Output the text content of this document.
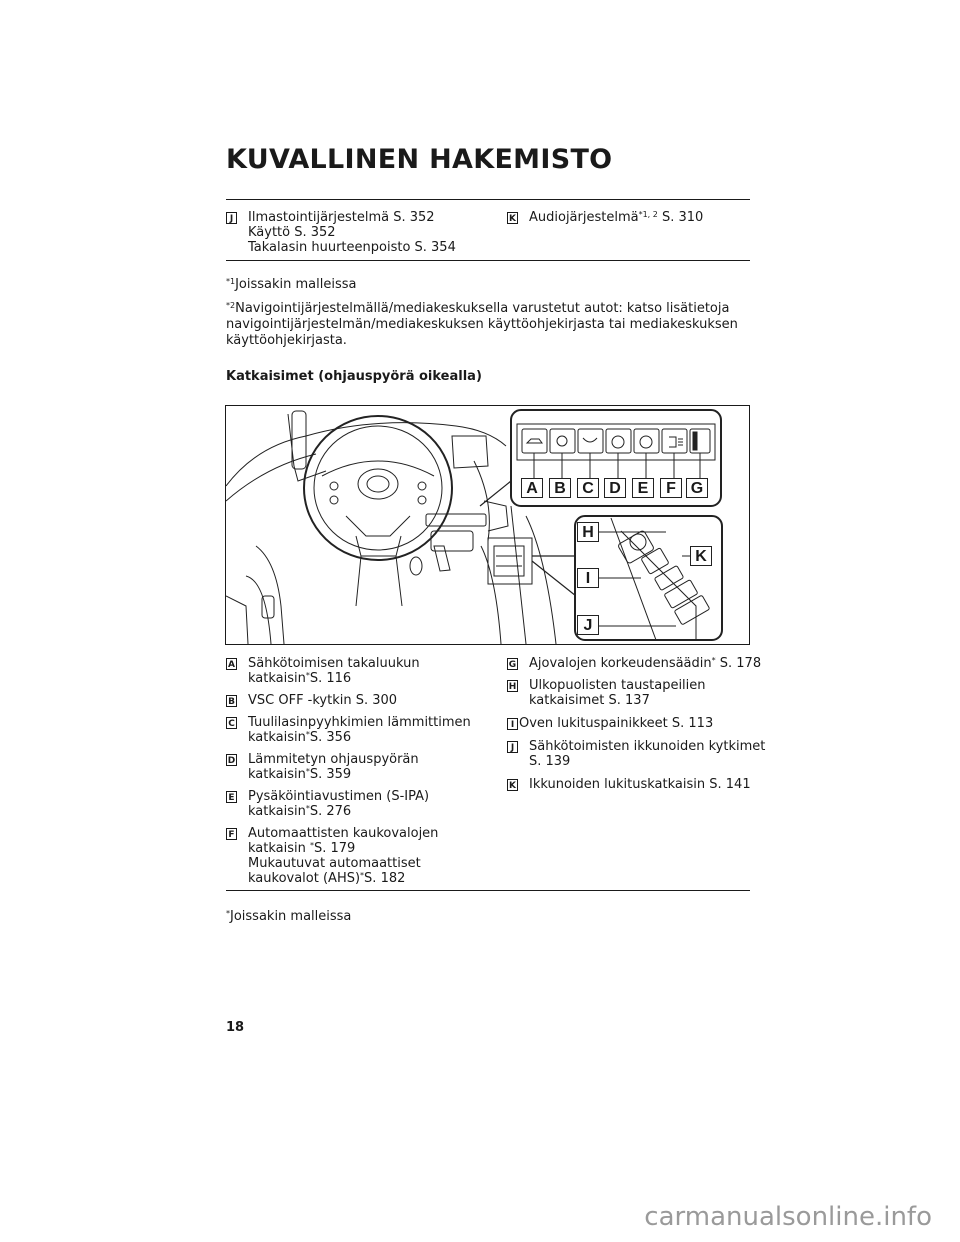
KUVALLINEN HAKEMISTO
J Ilmastointijärjestelmä S. 352
Käyttö S. 352
Takalasin huurteenpoisto S. 354
K Audiojärjestelmä$^{*1, 2}$ S. 310
$^{*1}$Joissakin malleissa
$^{*2}$Navigointijärjestelmällä/mediakeskuksella varustetut autot: katso lisätietoja
navigointijärjestelmän/mediakeskuksen käyttöohjekirjasta tai mediakeskuksen
käyttöohjekirjasta.
Katkaisimet (ohjauspyörä oikealla)
A	B	C D	E	F G
H
I
J
K
A Sähkötoimisen takaluukun
katkaisin*S. 116
B VSC OFF -kytkin S. 300
C Tuulilasinpyyhkimien lämmittimen
katkaisin*S. 356
D Lämmitetyn ohjauspyörän
katkaisin*S. 359
E Pysäköintiavustimen (S-IPA)
katkaisin*S. 276
F Automaattisten kaukovalojen
katkaisin *S. 179
Mukautuvat automaattiset
kaukovalot (AHS)*S. 182
G Ajovalojen korkeudensäädin* S. 178
H Ulkopuolisten taustapeilien
katkaisimet S. 137
I Oven lukituspainikkeet S. 113
J Sähkötoimisten ikkunoiden kytkimet
S. 139
K Ikkunoiden lukituskatkaisin S. 141
*Joissakin malleissa
18
carmanualsonline.info
